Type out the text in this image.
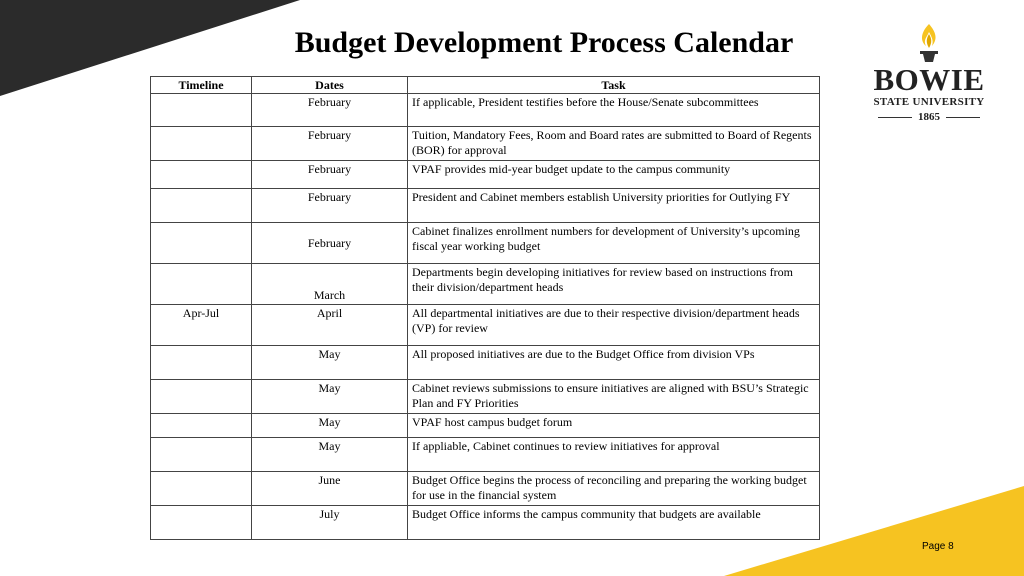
Budget Development Process Calendar
BOWIE
STATE UNIVERSITY
1865
Timeline	Dates	Task
	February	If applicable, President testifies before the House/Senate subcommittees
	February	Tuition, Mandatory Fees, Room and Board rates are submitted to Board of Regents (BOR) for approval
	February	VPAF provides mid-year budget update to the campus community
	February	President and Cabinet members establish University priorities for Outlying FY
	February	Cabinet finalizes enrollment numbers for development of University’s upcoming fiscal year working budget
	March	Departments begin developing initiatives for review based on instructions from their division/department heads
Apr-Jul	April	All departmental initiatives are due to their respective division/department heads (VP) for review
	May	All proposed initiatives are due to the Budget Office from division VPs
	May	Cabinet reviews submissions to ensure initiatives are aligned with BSU’s Strategic Plan and FY Priorities
	May	VPAF host campus budget forum
	May	If appliable, Cabinet continues to review initiatives for approval
	June	Budget Office begins the process of reconciling and preparing the working budget for use in the financial system
	July	Budget Office informs the campus community that budgets are available
Page 8
